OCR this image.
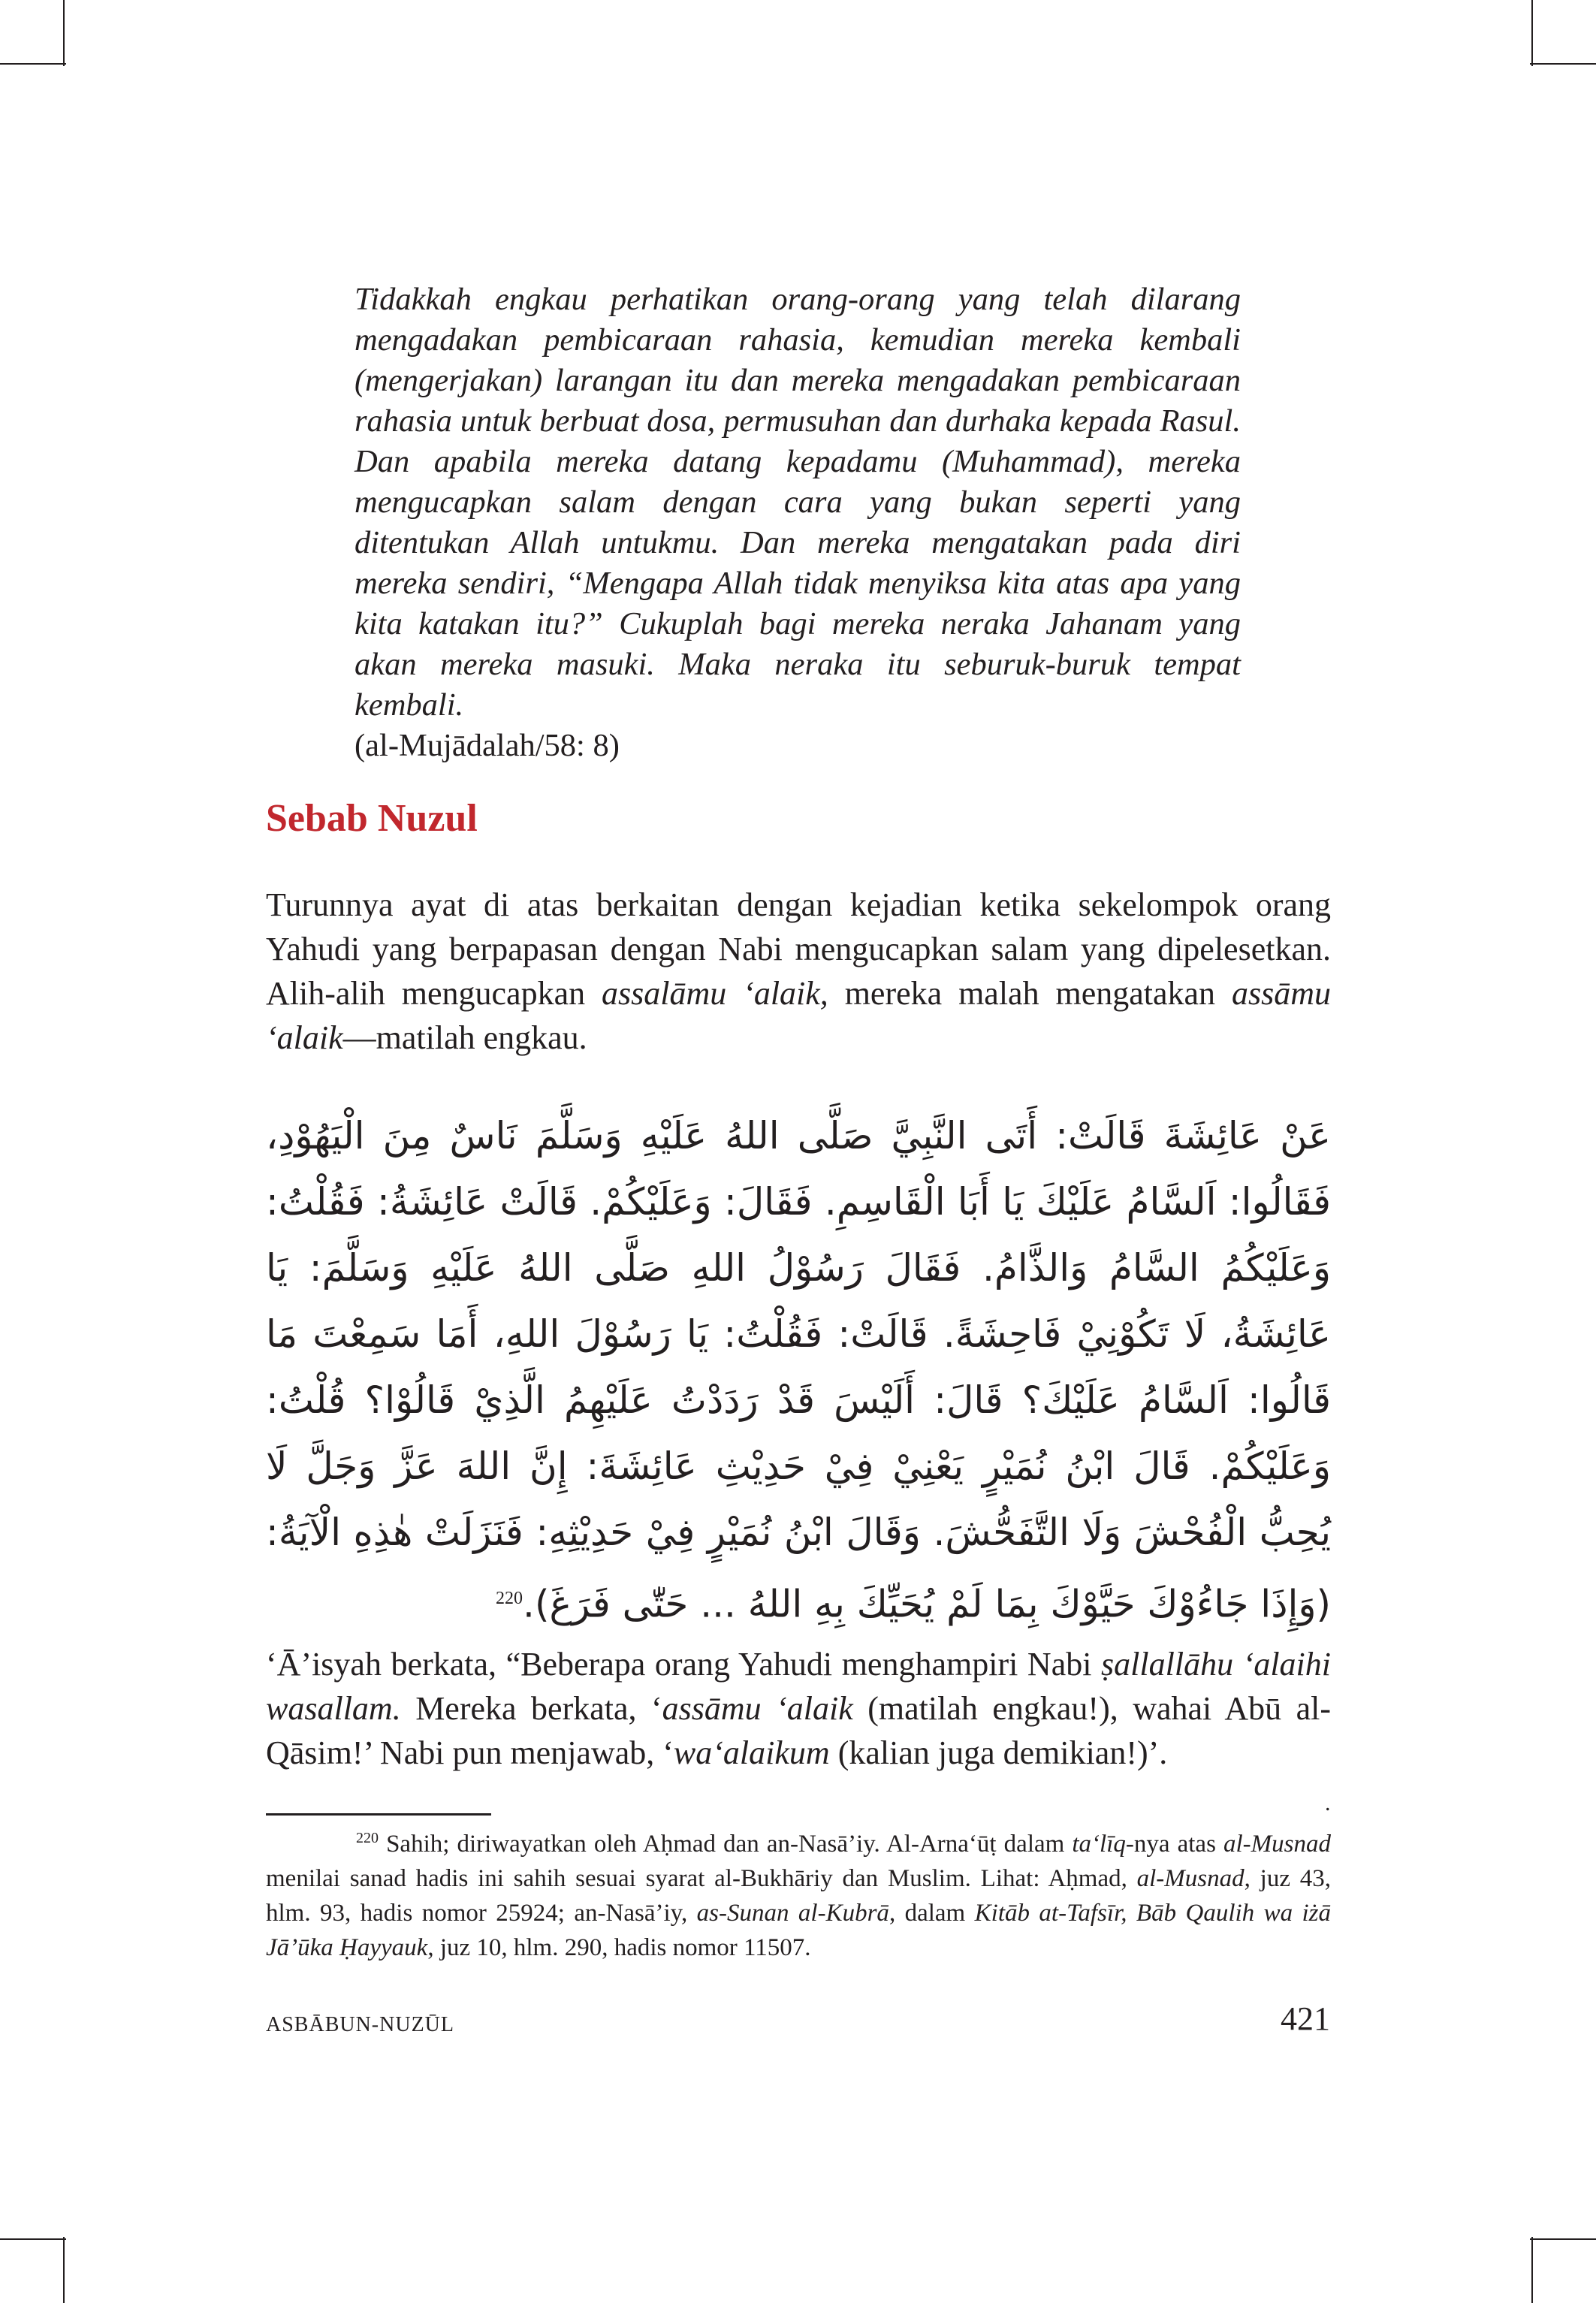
Tidakkah engkau perhatikan orang-orang yang telah dilarang mengadakan pembicaraan rahasia, kemudian mereka kembali (mengerjakan) larangan itu dan mereka mengadakan pembicaraan rahasia untuk berbuat dosa, permusuhan dan durhaka kepada Rasul. Dan apabila mereka datang kepadamu (Muhammad), mereka mengucapkan salam dengan cara yang bukan seperti yang ditentukan Allah untukmu. Dan mereka mengatakan pada diri mereka sendiri, “Mengapa Allah tidak menyiksa kita atas apa yang kita katakan itu?” Cukuplah bagi mereka neraka Jahanam yang akan mereka masuki. Maka neraka itu seburuk-buruk tempat kembali.
(al-Mujādalah/58: 8)

Sebab Nuzul

Turunnya ayat di atas berkaitan dengan kejadian ketika sekelompok orang Yahudi yang berpapasan dengan Nabi mengucapkan salam yang dipelesetkan. Alih-alih mengucapkan assalāmu ‘alaik, mereka malah mengatakan assāmu ‘alaik—matilah engkau.

عَنْ عَائِشَةَ قَالَتْ: أَتَى النَّبِيَّ صَلَّى اللهُ عَلَيْهِ وَسَلَّمَ نَاسٌ مِنَ الْيَهُوْدِ، فَقَالُوا: اَلسَّامُ عَلَيْكَ يَا أَبَا الْقَاسِمِ. فَقَالَ: وَعَلَيْكُمْ. قَالَتْ عَائِشَةُ: فَقُلْتُ: وَعَلَيْكُمُ السَّامُ وَالذَّامُ. فَقَالَ رَسُوْلُ اللهِ صَلَّى اللهُ عَلَيْهِ وَسَلَّمَ: يَا عَائِشَةُ، لَا تَكُوْنِيْ فَاحِشَةً. قَالَتْ: فَقُلْتُ: يَا رَسُوْلَ اللهِ، أَمَا سَمِعْتَ مَا قَالُوا: اَلسَّامُ عَلَيْكَ؟ قَالَ: أَلَيْسَ قَدْ رَدَدْتُ عَلَيْهِمُ الَّذِيْ قَالُوْا؟ قُلْتُ: وَعَلَيْكُمْ. قَالَ ابْنُ نُمَيْرٍ يَعْنِيْ فِيْ حَدِيْثِ عَائِشَةَ: إِنَّ اللهَ عَزَّ وَجَلَّ لَا يُحِبُّ الْفُحْشَ وَلَا التَّفَحُّشَ. وَقَالَ ابْنُ نُمَيْرٍ فِيْ حَدِيْثِهِ: فَنَزَلَتْ هٰذِهِ الْآيَةُ: (وَإِذَا جَاءُوْكَ حَيَّوْكَ بِمَا لَمْ يُحَيِّكَ بِهِ اللهُ ... حَتّٰى فَرَغَ).$^{220}$

‘Ā’isyah berkata, “Beberapa orang Yahudi menghampiri Nabi ṣallallāhu ‘alaihi wasallam. Mereka berkata, ‘assāmu ‘alaik (matilah engkau!), wahai Abū al-Qāsim!’ Nabi pun menjawab, ‘wa‘alaikum (kalian juga demikian!)’.

.

$^{220}$ Sahih; diriwayatkan oleh Aḥmad dan an-Nasā’iy. Al-Arna‘ūṭ dalam ta‘līq-nya atas al-Musnad menilai sanad hadis ini sahih sesuai syarat al-Bukhāriy dan Muslim. Lihat: Aḥmad, al-Musnad, juz 43, hlm. 93, hadis nomor 25924; an-Nasā’iy, as-Sunan al-Kubrā, dalam Kitāb at-Tafsīr, Bāb Qaulih wa iżā Jā’ūka Ḥayyauk, juz 10, hlm. 290, hadis nomor 11507.

ASBĀBUN-NUZŪL	421
